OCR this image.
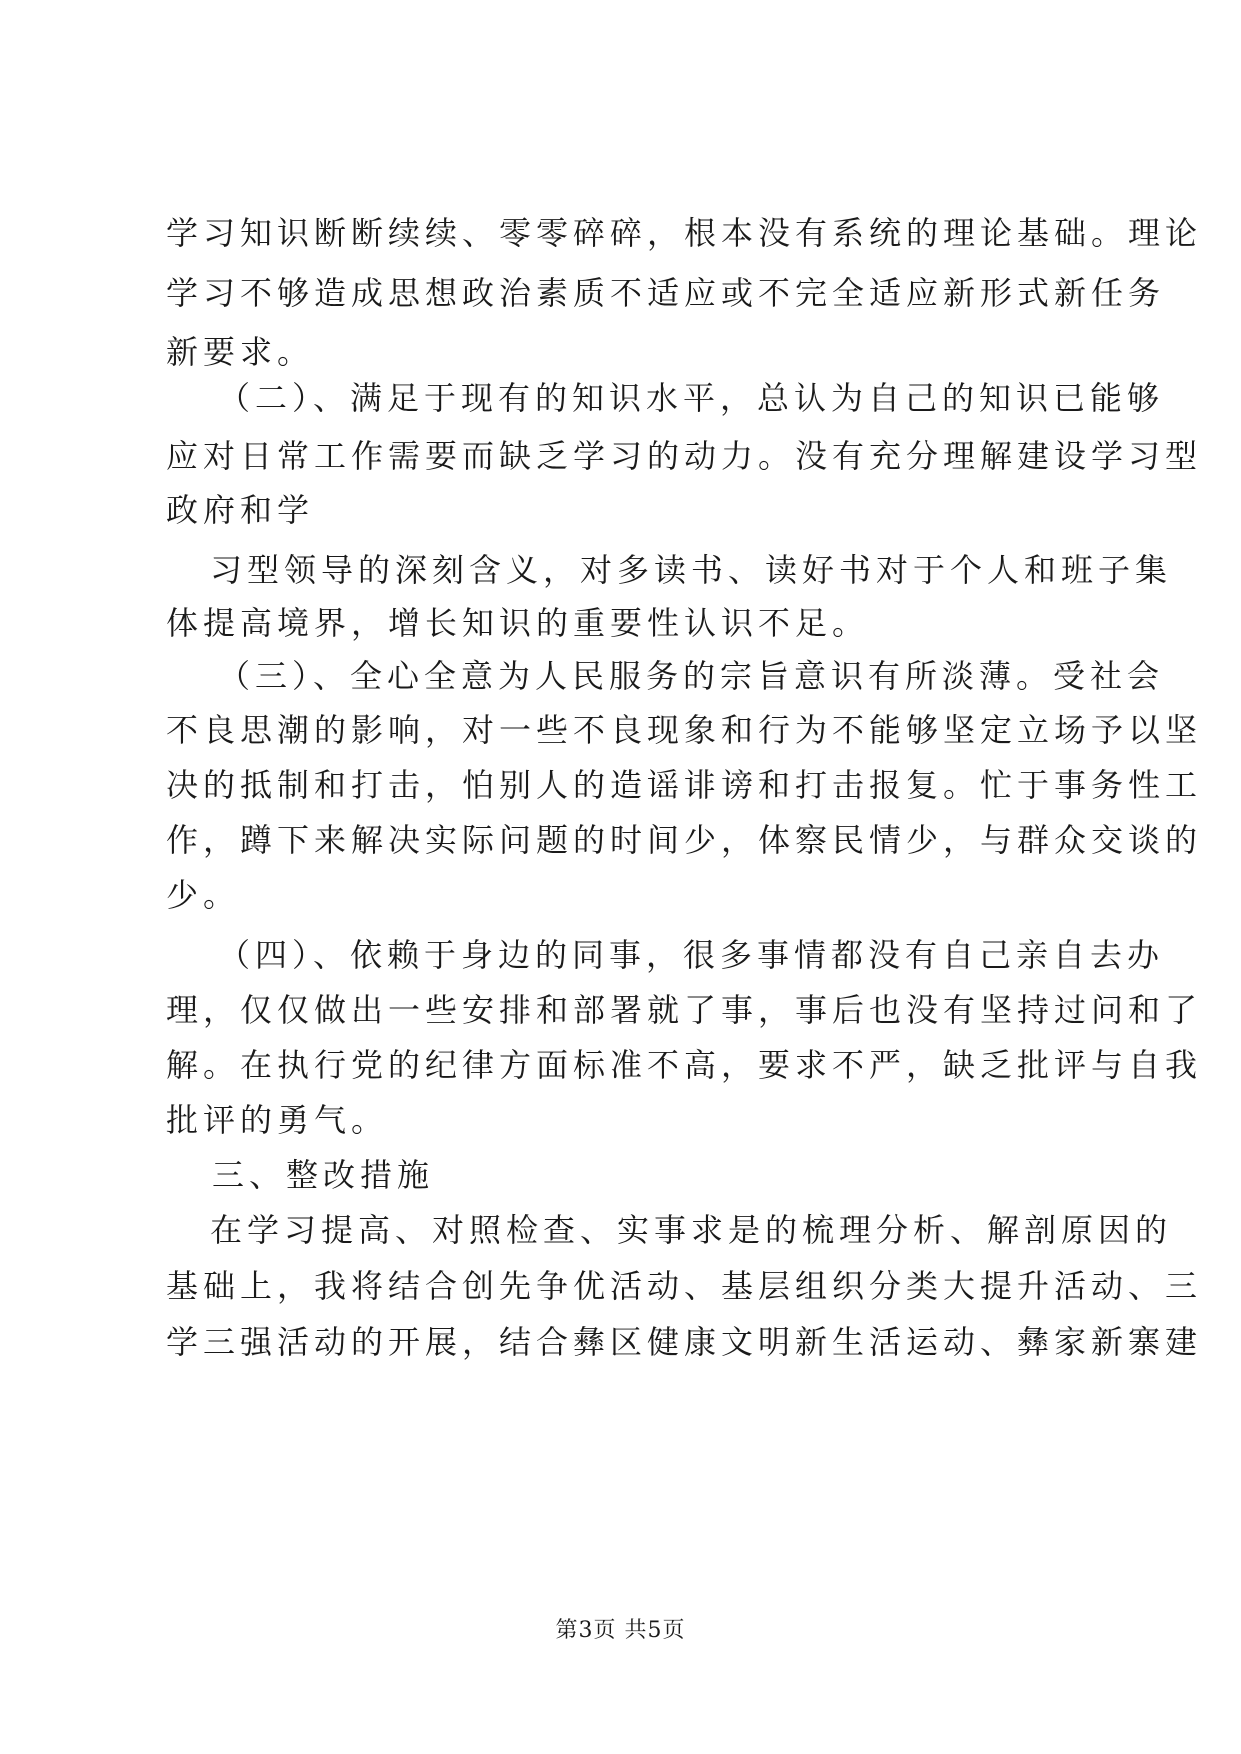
学习知识断断续续、零零碎碎，根本没有系统的理论基础。理论
学习不够造成思想政治素质不适应或不完全适应新形式新任务
新要求。
（二）、满足于现有的知识水平，总认为自己的知识已能够
应对日常工作需要而缺乏学习的动力。没有充分理解建设学习型
政府和学
习型领导的深刻含义，对多读书、读好书对于个人和班子集
体提高境界，增长知识的重要性认识不足。
（三）、全心全意为人民服务的宗旨意识有所淡薄。受社会
不良思潮的影响，对一些不良现象和行为不能够坚定立场予以坚
决的抵制和打击，怕别人的造谣诽谤和打击报复。忙于事务性工
作，蹲下来解决实际问题的时间少，体察民情少，与群众交谈的
少。
（四）、依赖于身边的同事，很多事情都没有自己亲自去办
理，仅仅做出一些安排和部署就了事，事后也没有坚持过问和了
解。在执行党的纪律方面标准不高，要求不严，缺乏批评与自我
批评的勇气。
三、整改措施
在学习提高、对照检查、实事求是的梳理分析、解剖原因的
基础上，我将结合创先争优活动、基层组织分类大提升活动、三
学三强活动的开展，结合彝区健康文明新生活运动、彝家新寨建
第3页 共5页
